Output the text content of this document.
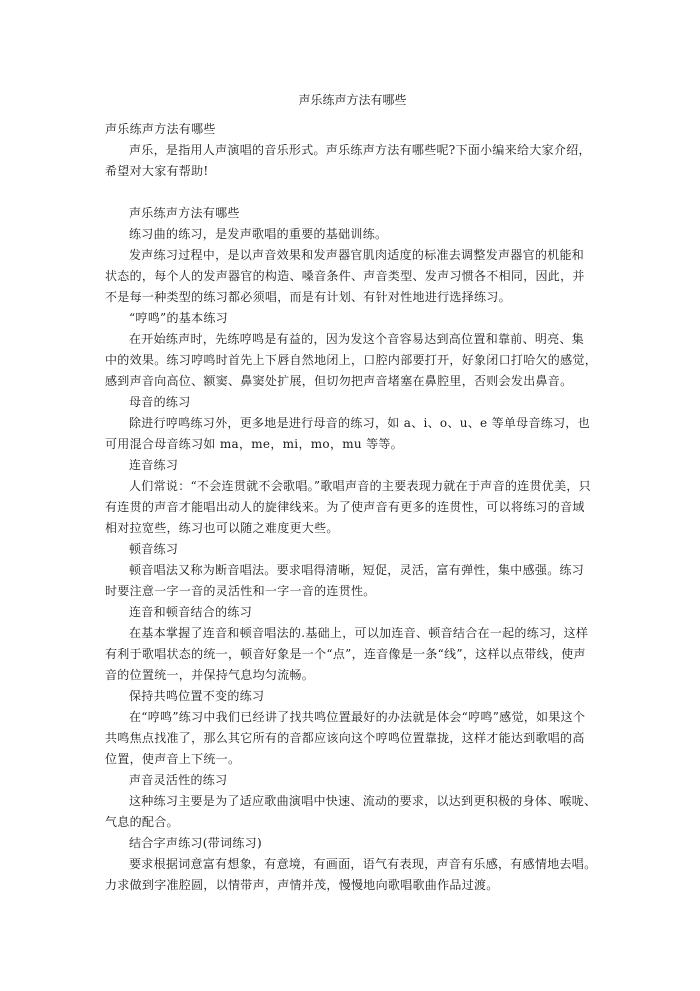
声乐练声方法有哪些
声乐练声方法有哪些
声乐，是指用人声演唱的音乐形式。声乐练声方法有哪些呢?下面小编来给大家介绍，
希望对大家有帮助!
声乐练声方法有哪些
练习曲的练习，是发声歌唱的重要的基础训练。
发声练习过程中，是以声音效果和发声器官肌肉适度的标准去调整发声器官的机能和
状态的，每个人的发声器官的构造、嗓音条件、声音类型、发声习惯各不相同，因此，并
不是每一种类型的练习都必须唱，而是有计划、有针对性地进行选择练习。
“哼鸣”的基本练习
在开始练声时，先练哼鸣是有益的，因为发这个音容易达到高位置和靠前、明亮、集
中的效果。练习哼鸣时首先上下唇自然地闭上，口腔内部要打开，好象闭口打哈欠的感觉，
感到声音向高位、额窦、鼻窦处扩展，但切勿把声音堵塞在鼻腔里，否则会发出鼻音。
母音的练习
除进行哼鸣练习外，更多地是进行母音的练习，如 a、i、o、u、e 等单母音练习，也
可用混合母音练习如 ma，me，mi，mo，mu 等等。
连音练习
人们常说：“不会连贯就不会歌唱。”歌唱声音的主要表现力就在于声音的连贯优美，只
有连贯的声音才能唱出动人的旋律线来。为了使声音有更多的连贯性，可以将练习的音域
相对拉宽些，练习也可以随之难度更大些。
顿音练习
顿音唱法又称为断音唱法。要求唱得清晰，短促，灵活，富有弹性，集中感强。练习
时要注意一字一音的灵活性和一字一音的连贯性。
连音和顿音结合的练习
在基本掌握了连音和顿音唱法的.基础上，可以加连音、顿音结合在一起的练习，这样
有利于歌唱状态的统一，顿音好象是一个“点”，连音像是一条“线”，这样以点带线，使声
音的位置统一，并保持气息均匀流畅。
保持共鸣位置不变的练习
在“哼鸣”练习中我们已经讲了找共鸣位置最好的办法就是体会“哼鸣”感觉，如果这个
共鸣焦点找准了，那么其它所有的音都应该向这个哼鸣位置靠拢，这样才能达到歌唱的高
位置，使声音上下统一。
声音灵活性的练习
这种练习主要是为了适应歌曲演唱中快速、流动的要求，以达到更积极的身体、喉咙、
气息的配合。
结合字声练习(带词练习)
要求根据词意富有想象，有意境，有画面，语气有表现，声音有乐感，有感情地去唱。
力求做到字准腔圆，以情带声，声情并茂，慢慢地向歌唱歌曲作品过渡。
